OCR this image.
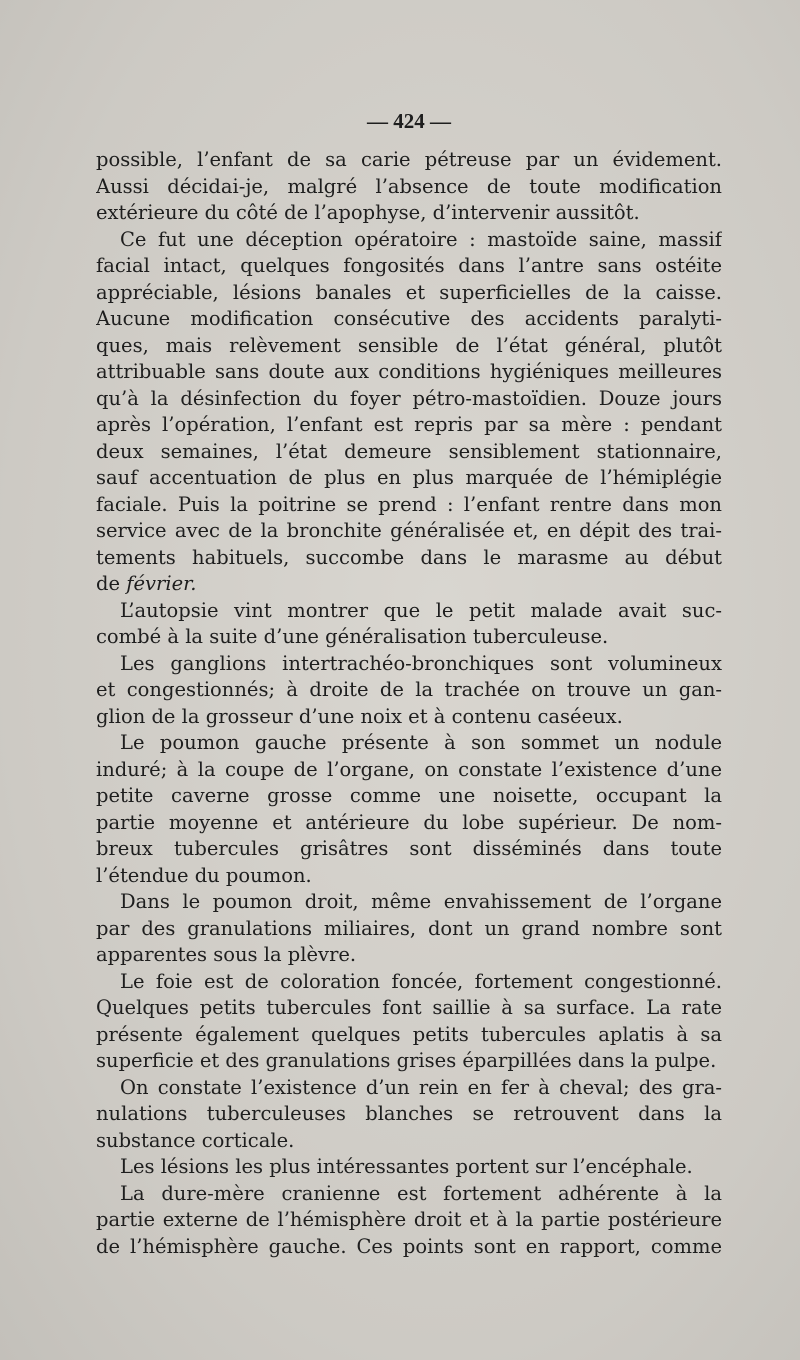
— 424 —
possible, l’enfant de sa carie pétreuse par un évidement.
Aussi décidai-je, malgré l’absence de toute modification
extérieure du côté de l’apophyse, d’intervenir aussitôt.
Ce fut une déception opératoire : mastoïde saine, massif
facial intact, quelques fongosités dans l’antre sans ostéite
appréciable, lésions banales et superficielles de la caisse.
Aucune modification consécutive des accidents paralyti-
ques, mais relèvement sensible de l’état général, plutôt
attribuable sans doute aux conditions hygiéniques meilleures
qu’à la désinfection du foyer pétro-mastoïdien. Douze jours
après l’opération, l’enfant est repris par sa mère : pendant
deux semaines, l’état demeure sensiblement stationnaire,
sauf accentuation de plus en plus marquée de l’hémiplégie
faciale. Puis la poitrine se prend : l’enfant rentre dans mon
service avec de la bronchite généralisée et, en dépit des trai-
tements habituels, succombe dans le marasme au début
de février.
L’autopsie vint montrer que le petit malade avait suc-
combé à la suite d’une généralisation tuberculeuse.
Les ganglions intertrachéo-bronchiques sont volumineux
et congestionnés; à droite de la trachée on trouve un gan-
glion de la grosseur d’une noix et à contenu caséeux.
Le poumon gauche présente à son sommet un nodule
induré; à la coupe de l’organe, on constate l’existence d’une
petite caverne grosse comme une noisette, occupant la
partie moyenne et antérieure du lobe supérieur. De nom-
breux tubercules grisâtres sont disséminés dans toute
l’étendue du poumon.
Dans le poumon droit, même envahissement de l’organe
par des granulations miliaires, dont un grand nombre sont
apparentes sous la plèvre.
Le foie est de coloration foncée, fortement congestionné.
Quelques petits tubercules font saillie à sa surface. La rate
présente également quelques petits tubercules aplatis à sa
superficie et des granulations grises éparpillées dans la pulpe.
On constate l’existence d’un rein en fer à cheval; des gra-
nulations tuberculeuses blanches se retrouvent dans la
substance corticale.
Les lésions les plus intéressantes portent sur l’encéphale.
La dure-mère cranienne est fortement adhérente à la
partie externe de l’hémisphère droit et à la partie postérieure
de l’hémisphère gauche. Ces points sont en rapport, comme
